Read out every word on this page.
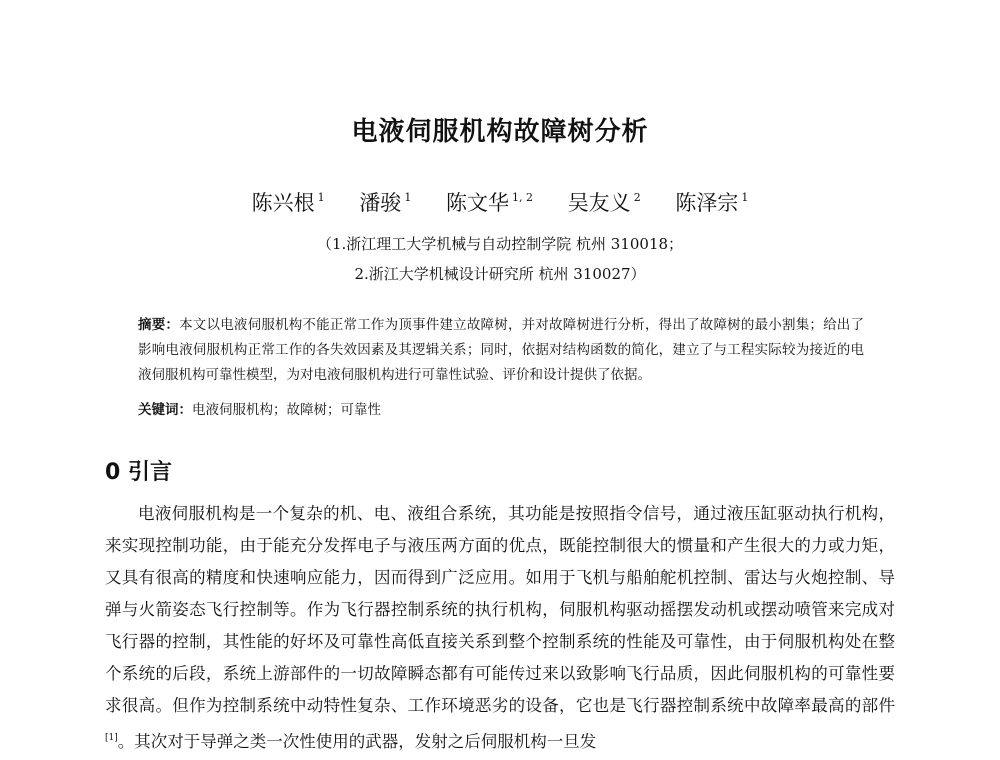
电液伺服机构故障树分析
陈兴根 $^1$ 潘骏 $^1$ 陈文华 $^{1, 2}$ 吴友义 $^2$ 陈泽宗 $^1$
（1.浙江理工大学机械与自动控制学院 杭州 310018；
2.浙江大学机械设计研究所 杭州 310027）
摘要：本文以电液伺服机构不能正常工作为顶事件建立故障树，并对故障树进行分析，得出了故障树的最小割集；给出了影响电液伺服机构正常工作的各失效因素及其逻辑关系；同时，依据对结构函数的简化，建立了与工程实际较为接近的电液伺服机构可靠性模型，为对电液伺服机构进行可靠性试验、评价和设计提供了依据。
关键词：电液伺服机构；故障树；可靠性
0 引言
电液伺服机构是一个复杂的机、电、液组合系统，其功能是按照指令信号，通过液压缸驱动执行机构，来实现控制功能，由于能充分发挥电子与液压两方面的优点，既能控制很大的惯量和产生很大的力或力矩，又具有很高的精度和快速响应能力，因而得到广泛应用。如用于飞机与船舶舵机控制、雷达与火炮控制、导弹与火箭姿态飞行控制等。作为飞行器控制系统的执行机构，伺服机构驱动摇摆发动机或摆动喷管来完成对飞行器的控制，其性能的好坏及可靠性高低直接关系到整个控制系统的性能及可靠性，由于伺服机构处在整个系统的后段，系统上游部件的一切故障瞬态都有可能传过来以致影响飞行品质，因此伺服机构的可靠性要求很高。但作为控制系统中动特性复杂、工作环境恶劣的设备，它也是飞行器控制系统中故障率最高的部件[1]。其次对于导弹之类一次性使用的武器，发射之后伺服机构一旦发
